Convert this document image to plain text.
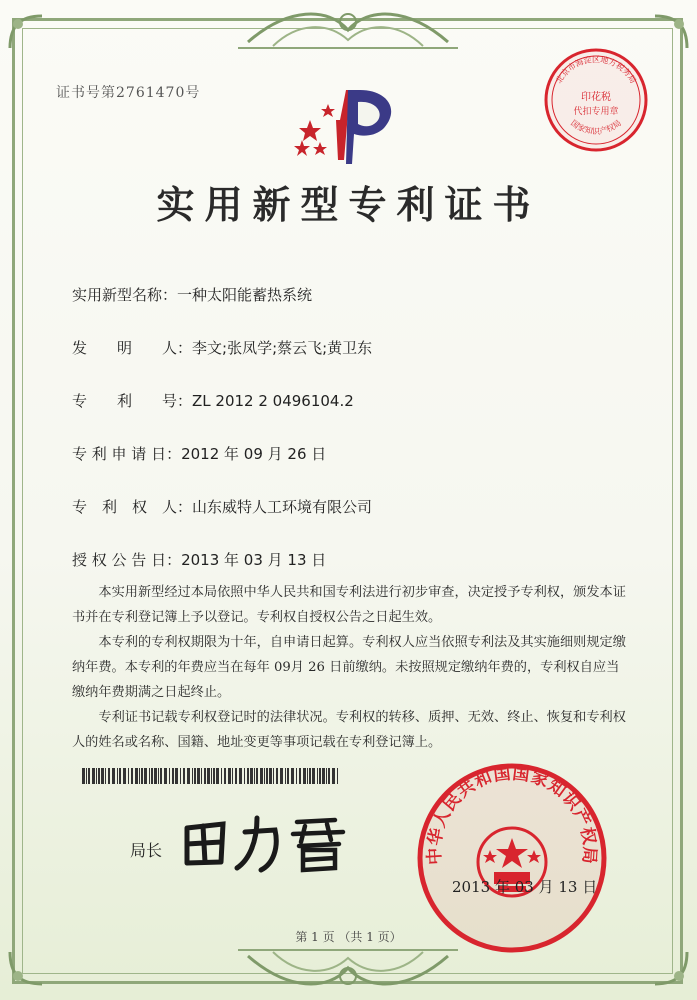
证书号第2761470号
实用新型专利证书
实用新型名称：一种太阳能蓄热系统
发　　明　　人：李文;张凤学;蔡云飞;黄卫东
专　　利　　号：ZL 2012 2 0496104.2
专 利 申 请 日：2012 年 09 月 26 日
专　利　权　人：山东威特人工环境有限公司
授 权 公 告 日：2013 年 03 月 13 日

本实用新型经过本局依照中华人民共和国专利法进行初步审查，决定授予专利权，颁发本证书并在专利登记簿上予以登记。专利权自授权公告之日起生效。

本专利的专利权期限为十年，自申请日起算。专利权人应当依照专利法及其实施细则规定缴纳年费。本专利的年费应当在每年 09月 26 日前缴纳。未按照规定缴纳年费的，专利权自应当缴纳年费期满之日起终止。

专利证书记载专利权登记时的法律状况。专利权的转移、质押、无效、终止、恢复和专利权人的姓名或名称、国籍、地址变更等事项记载在专利登记簿上。

局长	中华人民共和国国家知识产权局
2013 年 03 月 13 日
北京市海淀区地方税务局
印花税
代扣专用章
国家知识产权局
第 1 页 （共 1 页）
